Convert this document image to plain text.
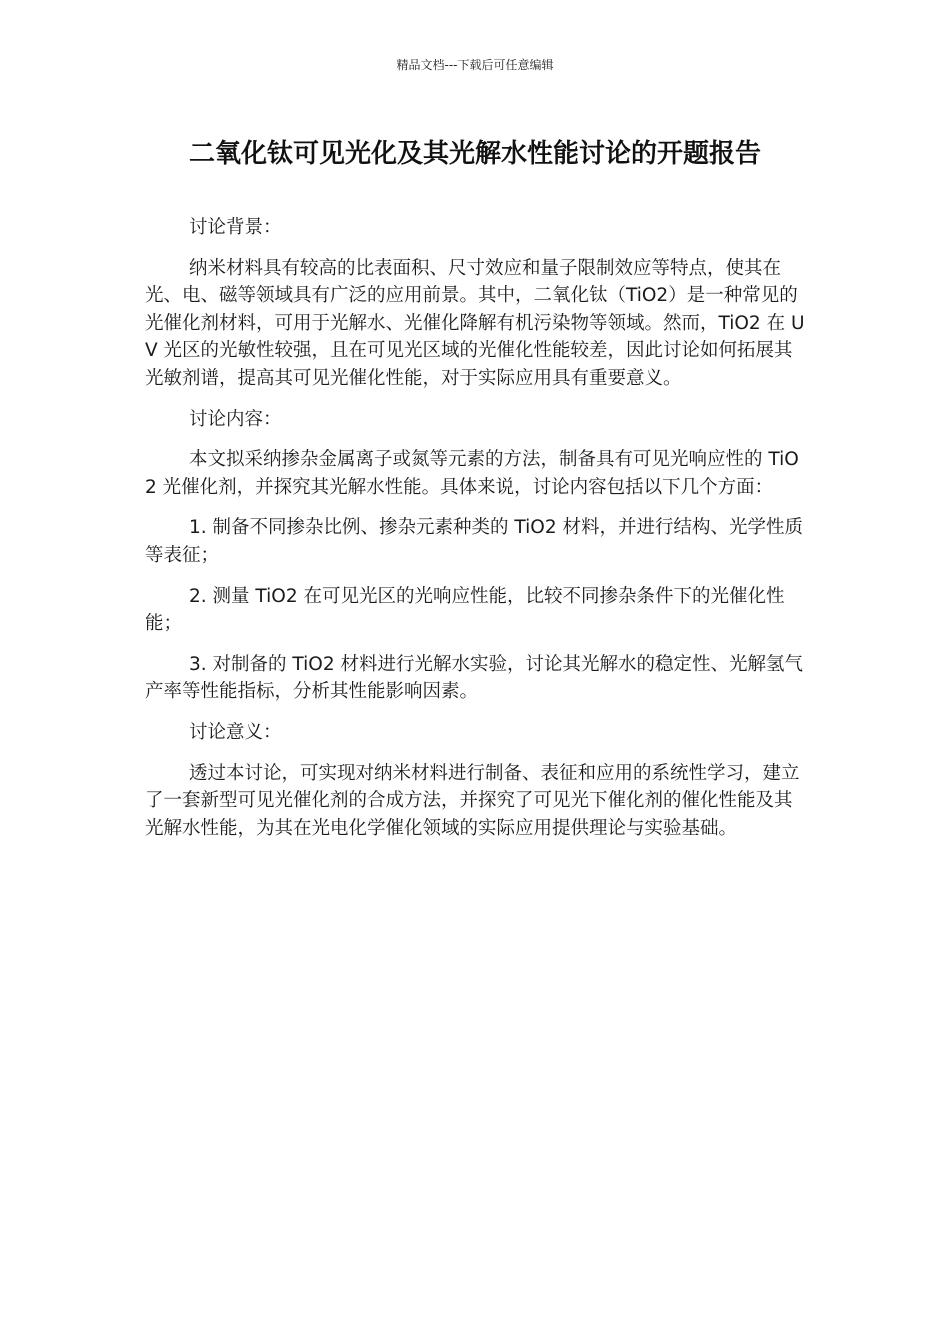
精品文档---下载后可任意编辑
二氧化钛可见光化及其光解水性能讨论的开题报告

讨论背景：

纳米材料具有较高的比表面积、尺寸效应和量子限制效应等特点，使其在光、电、磁等领域具有广泛的应用前景。其中，二氧化钛（TiO2）是一种常见的光催化剂材料，可用于光解水、光催化降解有机污染物等领域。然而，TiO2 在 UV 光区的光敏性较强，且在可见光区域的光催化性能较差，因此讨论如何拓展其光敏剂谱，提高其可见光催化性能，对于实际应用具有重要意义。

讨论内容：

本文拟采纳掺杂金属离子或氮等元素的方法，制备具有可见光响应性的 TiO2 光催化剂，并探究其光解水性能。具体来说，讨论内容包括以下几个方面：

1. 制备不同掺杂比例、掺杂元素种类的 TiO2 材料，并进行结构、光学性质等表征；

2. 测量 TiO2 在可见光区的光响应性能，比较不同掺杂条件下的光催化性能；

3. 对制备的 TiO2 材料进行光解水实验，讨论其光解水的稳定性、光解氢气产率等性能指标，分析其性能影响因素。

讨论意义：

透过本讨论，可实现对纳米材料进行制备、表征和应用的系统性学习，建立了一套新型可见光催化剂的合成方法，并探究了可见光下催化剂的催化性能及其光解水性能，为其在光电化学催化领域的实际应用提供理论与实验基础。
